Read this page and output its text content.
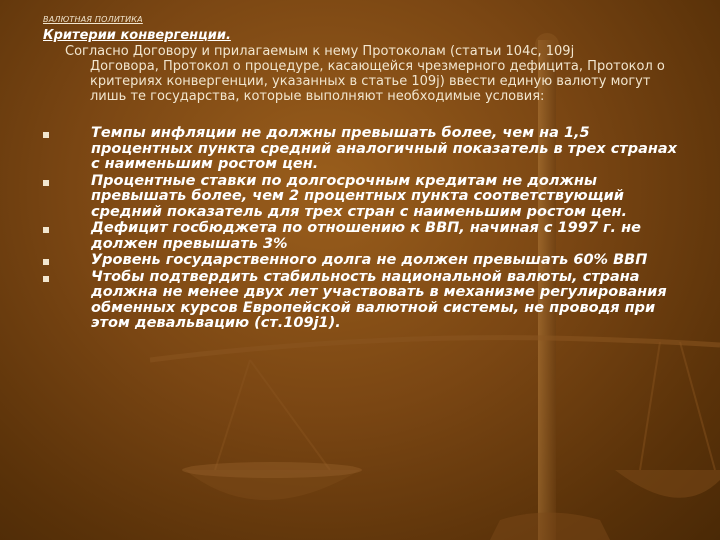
ВАЛЮТНАЯ ПОЛИТИКА
Критерии конвергенции.
Согласно Договору и прилагаемым к нему Протоколам (статьи 104с, 109j
Договора, Протокол о процедуре, касающейся чрезмерного дефицита, Протокол о критериях конвергенции, указанных в статье 109j) ввести единую валюту могут лишь те государства, которые выполняют необходимые условия:
Темпы инфляции не должны превышать более, чем на 1,5 процентных пункта средний аналогичный показатель в трех странах с наименьшим ростом цен.
Процентные ставки по долгосрочным кредитам не должны превышать более, чем 2 процентных пункта соответствующий средний показатель для трех стран с наименьшим ростом цен.
Дефицит госбюджета по отношению к ВВП, начиная с 1997 г. не должен превышать 3%
Уровень государственного долга не должен превышать 60% ВВП
Чтобы подтвердить стабильность национальной валюты, страна должна не менее двух лет участвовать в механизме регулирования обменных курсов Европейской валютной системы, не проводя при этом девальвацию (ст.109j1).
